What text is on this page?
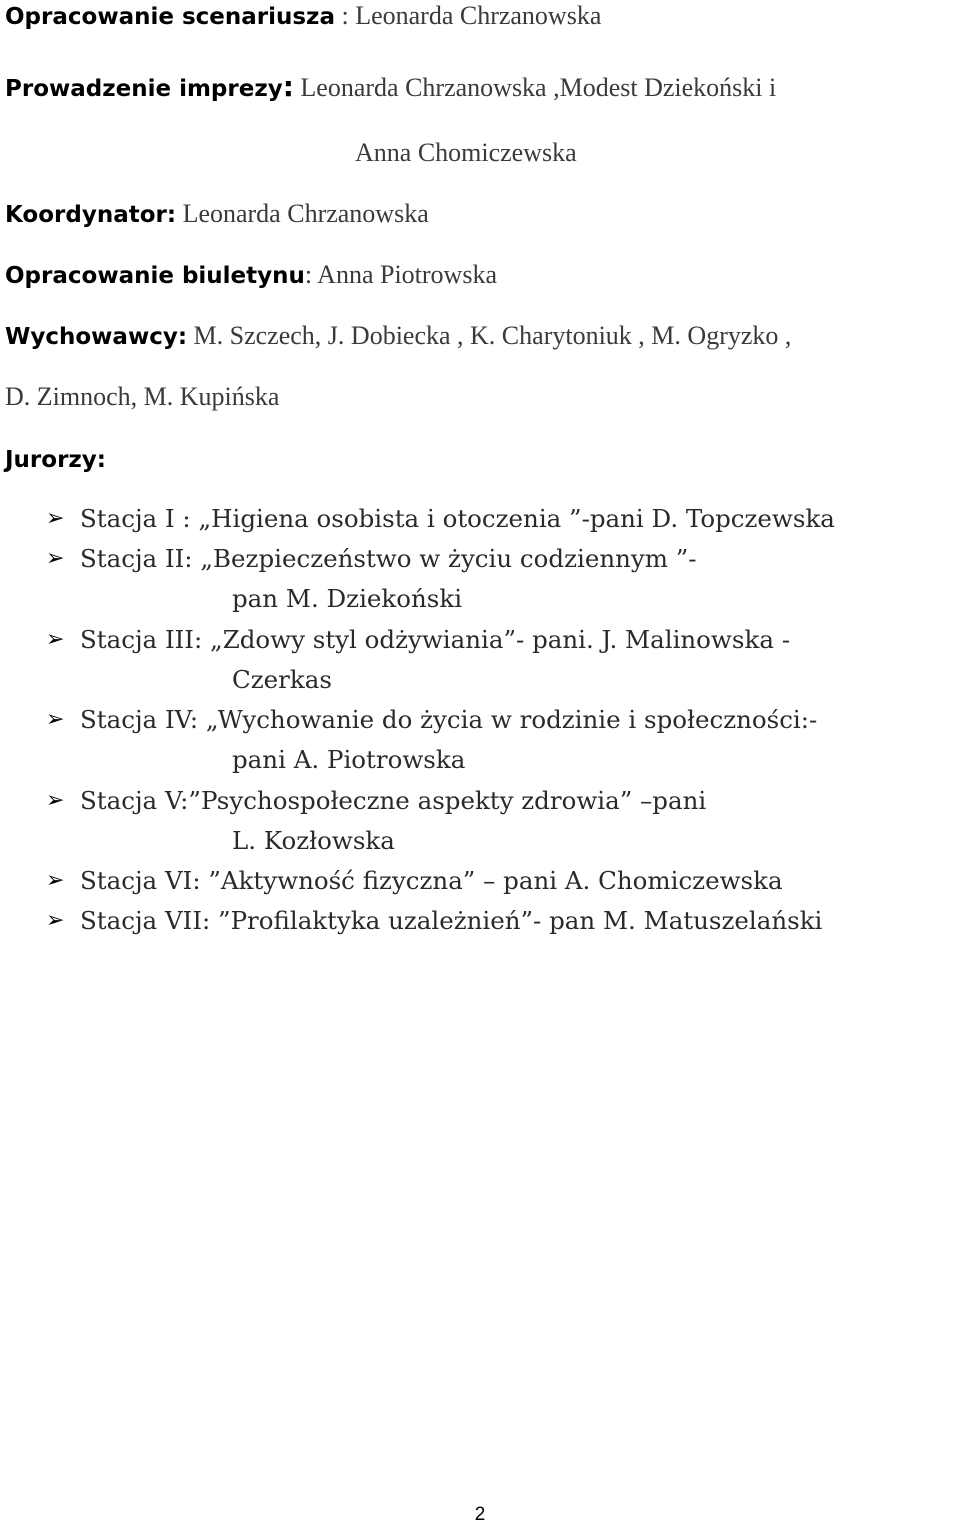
Opracowanie scenariusza : Leonarda Chrzanowska
Prowadzenie imprezy: Leonarda Chrzanowska ,Modest Dziekoński i
Anna Chomiczewska
Koordynator: Leonarda Chrzanowska
Opracowanie biuletynu: Anna Piotrowska
Wychowawcy: M. Szczech, J. Dobiecka , K. Charytoniuk , M. Ogryzko ,
D. Zimnoch, M. Kupińska
Jurorzy:
➢ Stacja I : „Higiena osobista i otoczenia ”-pani D. Topczewska
➢ Stacja II: „Bezpieczeństwo w życiu codziennym ”-
pan M. Dziekoński
➢ Stacja III: „Zdowy styl odżywiania”- pani. J. Malinowska -
Czerkas
➢ Stacja IV: „Wychowanie do życia w rodzinie i społeczności:-
pani A. Piotrowska
➢ Stacja V:”Psychospołeczne aspekty zdrowia” –pani
L. Kozłowska
➢ Stacja VI: ”Aktywność fizyczna” – pani A. Chomiczewska
➢ Stacja VII: ”Profilaktyka uzależnień”- pan M. Matuszelański
2
